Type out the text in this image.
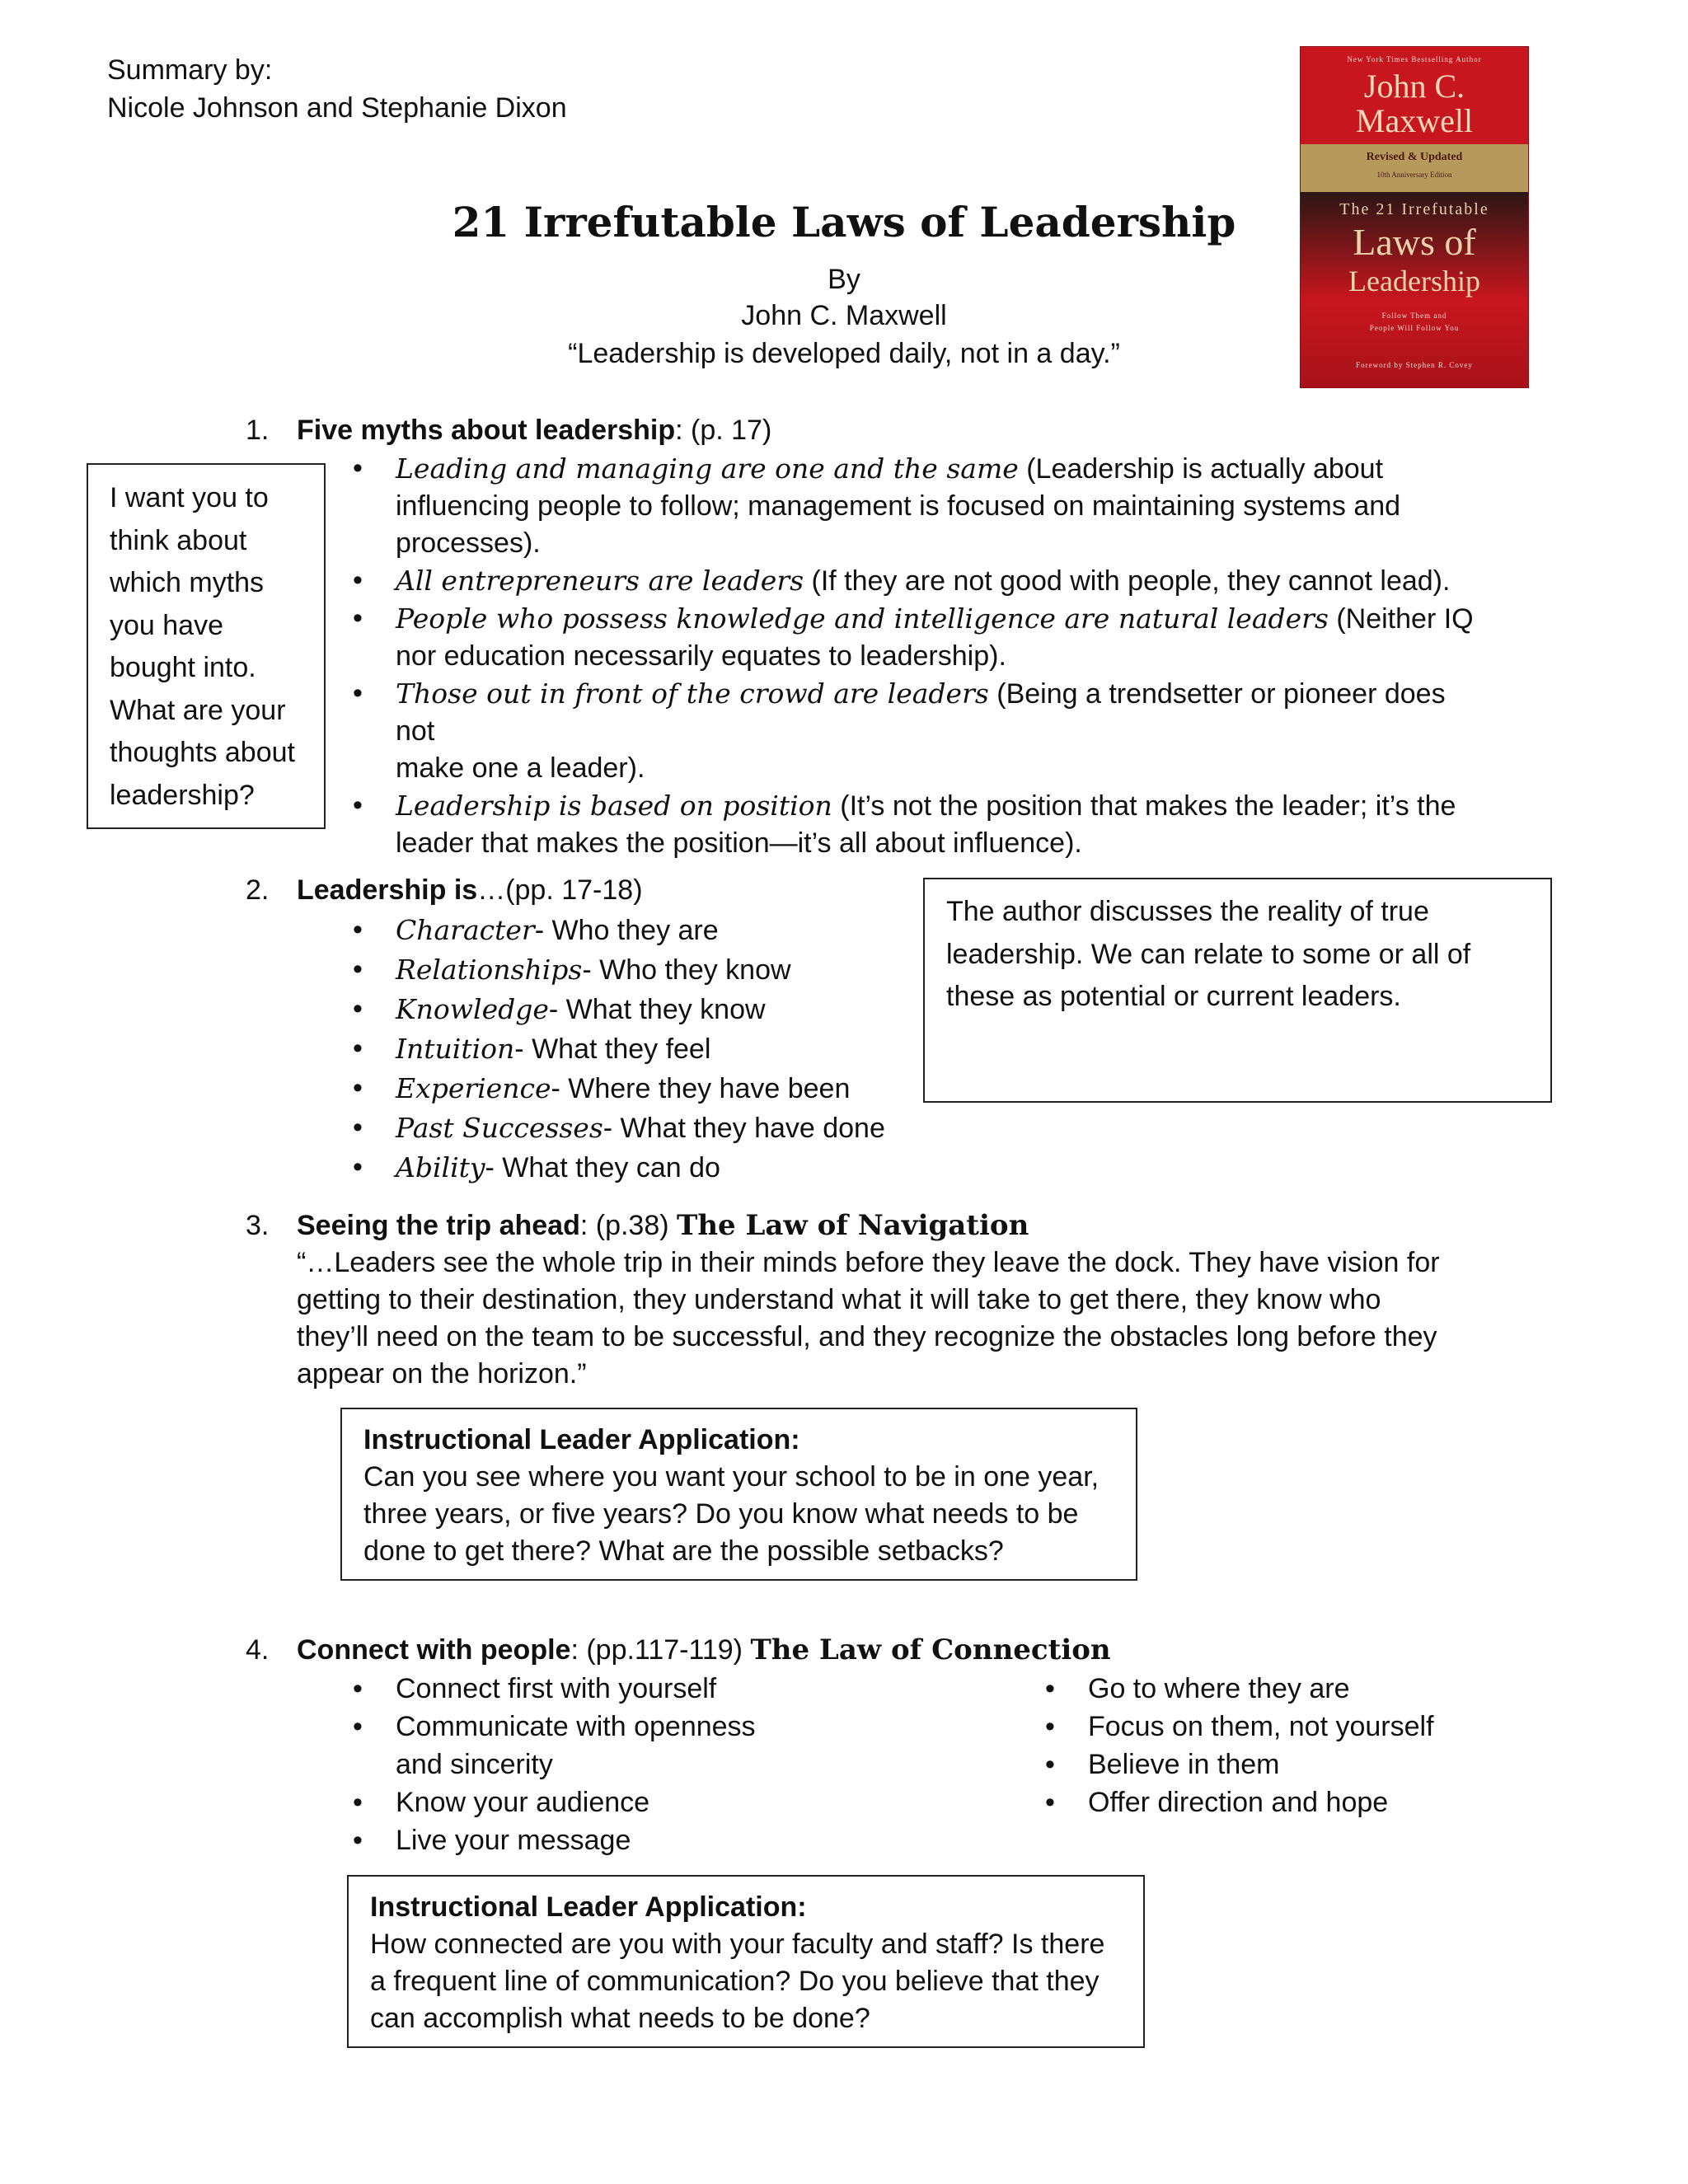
Summary by:
Nicole Johnson and Stephanie Dixon
New York Times Bestselling Author
John C.
Maxwell
Revised & Updated
10th Anniversary Edition
The 21 Irrefutable
Laws of
Leadership
Follow Them and
People Will Follow You
Foreword by Stephen R. Covey
21 Irrefutable Laws of Leadership
By
John C. Maxwell
“Leadership is developed daily, not in a day.”
1. Five myths about leadership: (p. 17)
• Leading and managing are one and the same (Leadership is actually about
influencing people to follow; management is focused on maintaining systems and
processes).
• All entrepreneurs are leaders (If they are not good with people, they cannot lead).
• People who possess knowledge and intelligence are natural leaders (Neither IQ
nor education necessarily equates to leadership).
• Those out in front of the crowd are leaders (Being a trendsetter or pioneer does not
make one a leader).
• Leadership is based on position (It’s not the position that makes the leader; it’s the
leader that makes the position—it’s all about influence).
I want you to
think about
which myths
you have
bought into.
What are your
thoughts about
leadership?
2. Leadership is…(pp. 17-18)
• Character- Who they are
• Relationships- Who they know
• Knowledge- What they know
• Intuition- What they feel
• Experience- Where they have been
• Past Successes- What they have done
• Ability- What they can do
The author discusses the reality of true
leadership. We can relate to some or all of
these as potential or current leaders.
3. Seeing the trip ahead: (p.38) The Law of Navigation
“…Leaders see the whole trip in their minds before they leave the dock. They have vision for
getting to their destination, they understand what it will take to get there, they know who
they’ll need on the team to be successful, and they recognize the obstacles long before they
appear on the horizon.”
Instructional Leader Application:
Can you see where you want your school to be in one year,
three years, or five years? Do you know what needs to be
done to get there? What are the possible setbacks?
4. Connect with people: (pp.117-119) The Law of Connection
• Connect first with yourself
• Communicate with openness
and sincerity
• Know your audience
• Live your message
• Go to where they are
• Focus on them, not yourself
• Believe in them
• Offer direction and hope
Instructional Leader Application:
How connected are you with your faculty and staff? Is there
a frequent line of communication? Do you believe that they
can accomplish what needs to be done?
